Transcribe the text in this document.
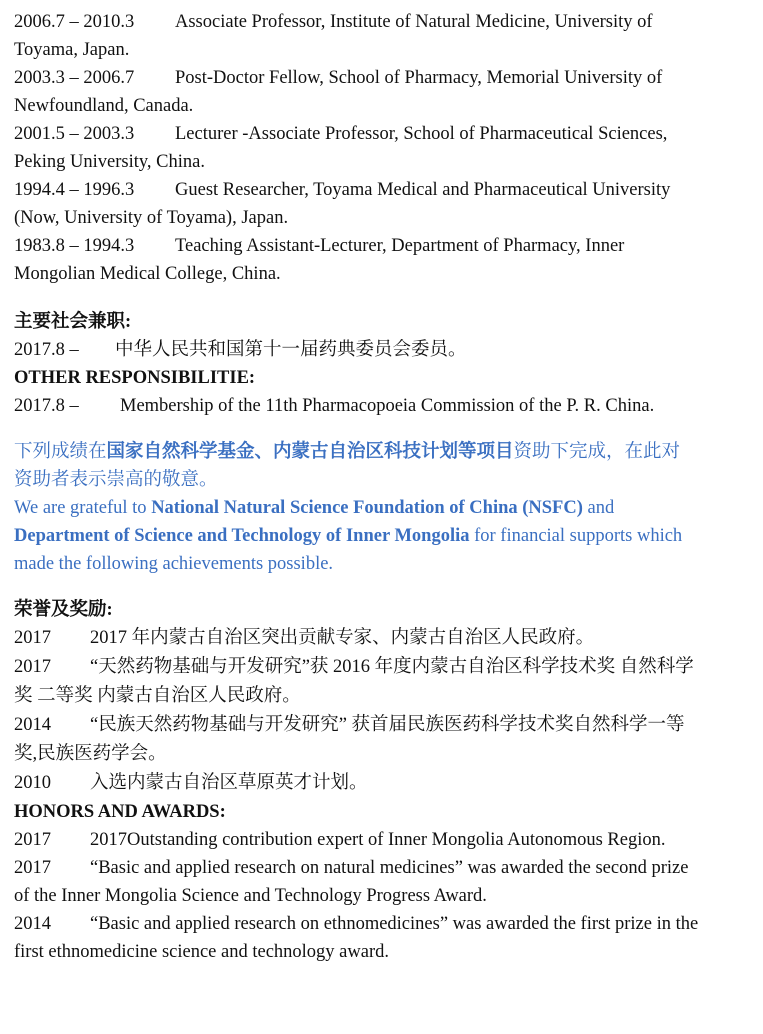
2006.7 – 2010.3 Associate Professor, Institute of Natural Medicine, University of

Toyama, Japan.

2003.3 – 2006.7 Post-Doctor Fellow, School of Pharmacy, Memorial University of

Newfoundland, Canada.

2001.5 – 2003.3 Lecturer -Associate Professor, School of Pharmaceutical Sciences,

Peking University, China.

1994.4 – 1996.3 Guest Researcher, Toyama Medical and Pharmaceutical University

(Now, University of Toyama), Japan.

1983.8 – 1994.3 Teaching Assistant-Lecturer, Department of Pharmacy, Inner

Mongolian Medical College, China.

主要社会兼职:

2017.8 – 中华人民共和国第十一届药典委员会委员。

OTHER RESPONSIBILITIE:

2017.8 – Membership of the 11th Pharmacopoeia Commission of the P. R. China.

下列成绩在国家自然科学基金、内蒙古自治区科技计划等项目资助下完成，在此对

资助者表示崇高的敬意。

We are grateful to National Natural Science Foundation of China (NSFC) and

Department of Science and Technology of Inner Mongolia for financial supports which

made the following achievements possible.

荣誉及奖励:

2017 2017 年内蒙古自治区突出贡献专家、内蒙古自治区人民政府。

2017 “天然药物基础与开发研究”获 2016 年度内蒙古自治区科学技术奖 自然科学

奖 二等奖 内蒙古自治区人民政府。

2014 “民族天然药物基础与开发研究” 获首届民族医药科学技术奖自然科学一等

奖,民族医药学会。

2010 入选内蒙古自治区草原英才计划。

HONORS AND AWARDS:

2017 2017Outstanding contribution expert of Inner Mongolia Autonomous Region.

2017 “Basic and applied research on natural medicines” was awarded the second prize

of the Inner Mongolia Science and Technology Progress Award.

2014 “Basic and applied research on ethnomedicines” was awarded the first prize in the

first ethnomedicine science and technology award.
